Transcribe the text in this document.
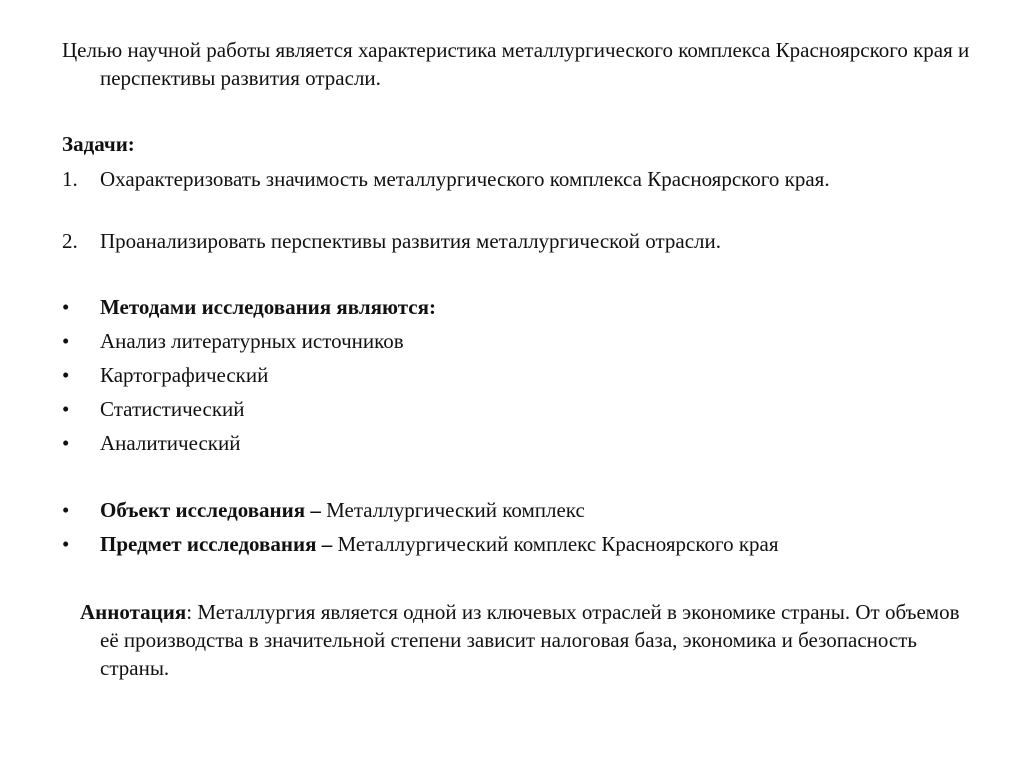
Целью научной работы является характеристика металлургического комплекса Красноярского края и перспективы развития отрасли.
Задачи:
1.	Охарактеризовать значимость металлургического комплекса Красноярского края.
2.	Проанализировать перспективы развития металлургической отрасли.
•	Методами исследования являются:
•	Анализ литературных источников
•	Картографический
•	Статистический
•	Аналитический
•	Объект исследования – Металлургический комплекс
•	Предмет исследования – Металлургический комплекс Красноярского края
Аннотация: Металлургия является одной из ключевых отраслей в экономике страны. От объемов её производства в значительной степени зависит налоговая база, экономика и безопасность страны.
